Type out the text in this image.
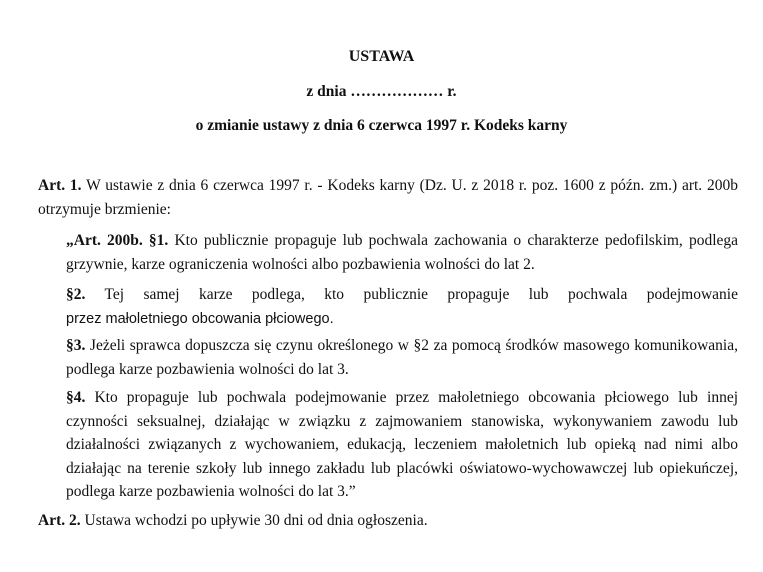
USTAWA
z dnia ……………… r.
o zmianie ustawy z dnia 6 czerwca 1997 r. Kodeks karny

Art. 1. W ustawie z dnia 6 czerwca 1997 r. - Kodeks karny (Dz. U. z 2018 r. poz. 1600 z późn. zm.) art. 200b otrzymuje brzmienie:

„Art. 200b. §1. Kto publicznie propaguje lub pochwala zachowania o charakterze pedofilskim, podlega grzywnie, karze ograniczenia wolności albo pozbawienia wolności do lat 2.

§2. Tej samej karze podlega, kto publicznie propaguje lub pochwala podejmowanie
przez małoletniego obcowania płciowego.

§3. Jeżeli sprawca dopuszcza się czynu określonego w §2 za pomocą środków masowego komunikowania, podlega karze pozbawienia wolności do lat 3.

§4. Kto propaguje lub pochwala podejmowanie przez małoletniego obcowania płciowego lub innej czynności seksualnej, działając w związku z zajmowaniem stanowiska, wykonywaniem zawodu lub działalności związanych z wychowaniem, edukacją, leczeniem małoletnich lub opieką nad nimi albo działając na terenie szkoły lub innego zakładu lub placówki oświatowo-wychowawczej lub opiekuńczej, podlega karze pozbawienia wolności do lat 3.”

Art. 2. Ustawa wchodzi po upływie 30 dni od dnia ogłoszenia.
